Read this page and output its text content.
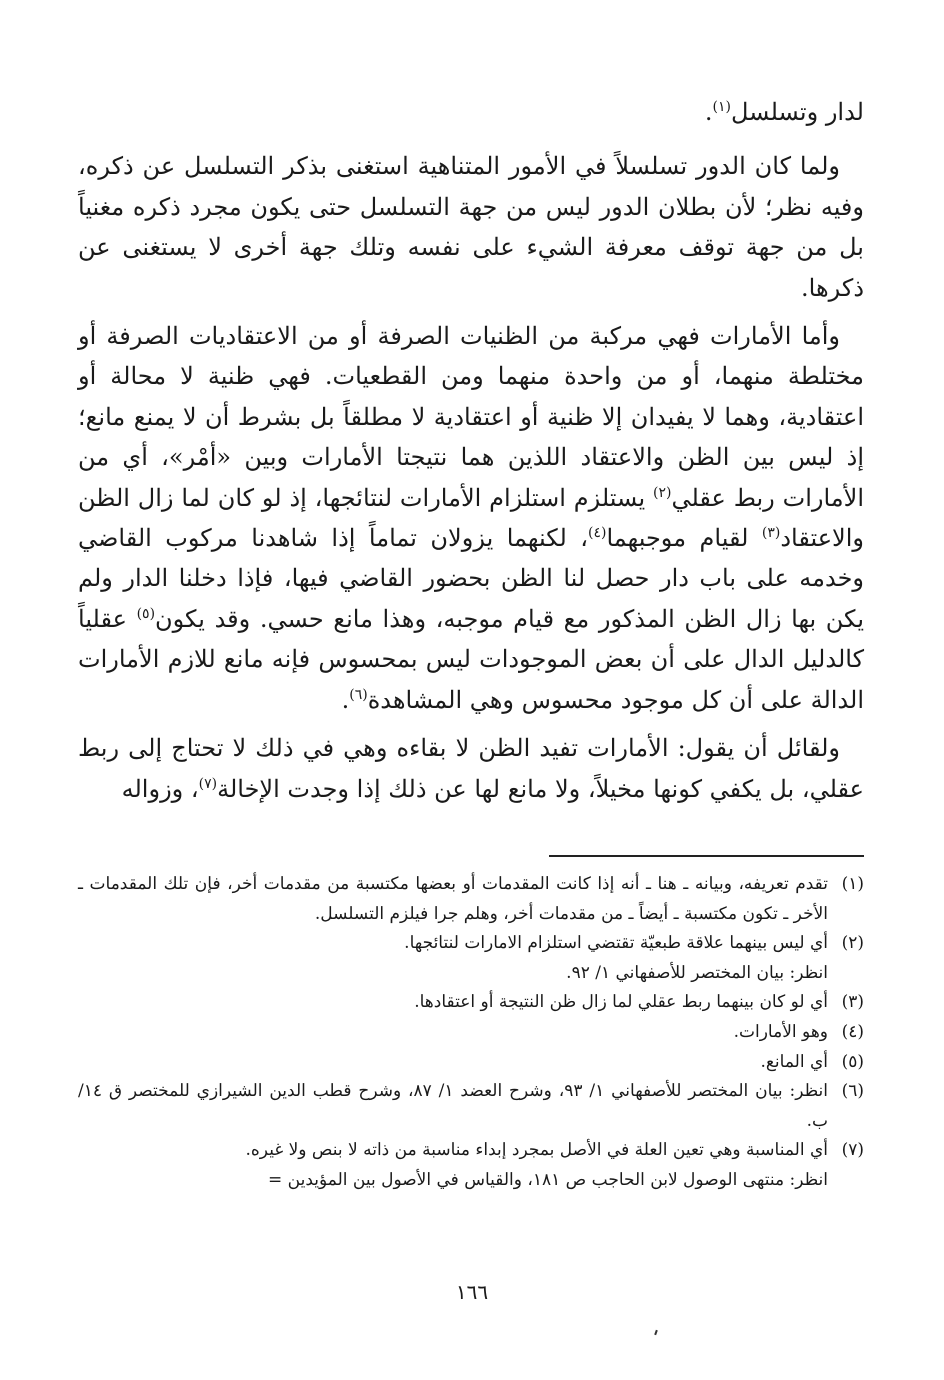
لدار وتسلسل$^{(١)}$.

ولما كان الدور تسلسلاً في الأمور المتناهية استغنى بذكر التسلسل عن ذكره، وفيه نظر؛ لأن بطلان الدور ليس من جهة التسلسل حتى يكون مجرد ذكره مغنياً بل من جهة توقف معرفة الشيء على نفسه وتلك جهة أخرى لا يستغنى عن ذكرها.

وأما الأمارات فهي مركبة من الظنيات الصرفة أو من الاعتقاديات الصرفة أو مختلطة منهما، أو من واحدة منهما ومن القطعيات. فهي ظنية لا محالة أو اعتقادية، وهما لا يفيدان إلا ظنية أو اعتقادية لا مطلقاً بل بشرط أن لا يمنع مانع؛ إذ ليس بين الظن والاعتقاد اللذين هما نتيجتا الأمارات وبين «أمْر»، أي من الأمارات ربط عقلي$^{(٢)}$ يستلزم استلزام الأمارات لنتائجها، إذ لو كان لما زال الظن والاعتقاد$^{(٣)}$ لقيام موجبهما$^{(٤)}$، لكنهما يزولان تماماً إذا شاهدنا مركوب القاضي وخدمه على باب دار حصل لنا الظن بحضور القاضي فيها، فإذا دخلنا الدار ولم يكن بها زال الظن المذكور مع قيام موجبه، وهذا مانع حسي. وقد يكون$^{(٥)}$ عقلياً كالدليل الدال على أن بعض الموجودات ليس بمحسوس فإنه مانع للازم الأمارات الدالة على أن كل موجود محسوس وهي المشاهدة$^{(٦)}$.

ولقائل أن يقول: الأمارات تفيد الظن لا بقاءه وهي في ذلك لا تحتاج إلى ربط عقلي، بل يكفي كونها مخيلاً، ولا مانع لها عن ذلك إذا وجدت الإخالة$^{(٧)}$، وزواله

(١)
تقدم تعريفه، وبيانه ـ هنا ـ أنه إذا كانت المقدمات أو بعضها مكتسبة من مقدمات أخر، فإن تلك المقدمات ـ الأخر ـ تكون مكتسبة ـ أيضاً ـ من مقدمات أخر، وهلم جرا فيلزم التسلسل.
(٢)
أي ليس بينهما علاقة طبعيّة تقتضي استلزام الامارات لنتائجها.
انظر: بيان المختصر للأصفهاني ١/ ٩٢.
(٣)
أي لو كان بينهما ربط عقلي لما زال ظن النتيجة أو اعتقادها.
(٤)
وهو الأمارات.
(٥)
أي المانع.
(٦)
انظر: بيان المختصر للأصفهاني ١/ ٩٣، وشرح العضد ١/ ٨٧، وشرح قطب الدين الشيرازي للمختصر ق ١٤/ ب.
(٧)
أي المناسبة وهي تعين العلة في الأصل بمجرد إبداء مناسبة من ذاته لا بنص ولا غيره.
انظر: منتهى الوصول لابن الحاجب ص ١٨١، والقياس في الأصول بين المؤيدين =
١٦٦
